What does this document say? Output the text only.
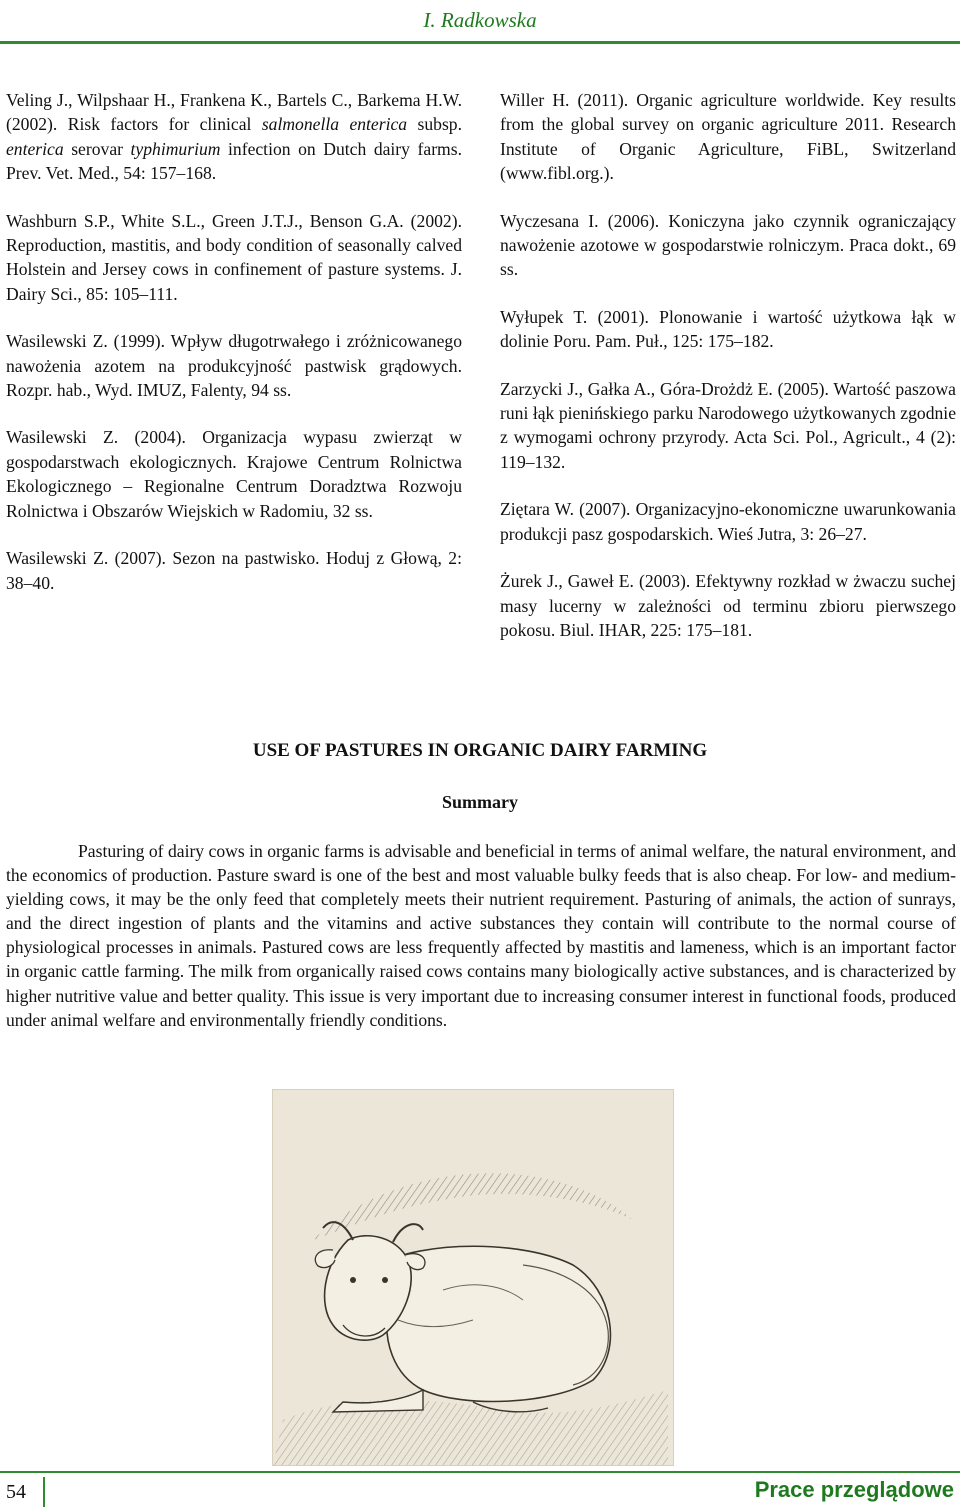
I. Radkowska

Veling J., Wilpshaar H., Frankena K., Bartels C., Barkema H.W. (2002). Risk factors for clinical salmonella enterica subsp. enterica serovar typhimurium infection on Dutch dairy farms. Prev. Vet. Med., 54: 157–168.

Washburn S.P., White S.L., Green J.T.J., Benson G.A. (2002). Reproduction, mastitis, and body condition of seasonally calved Holstein and Jersey cows in confinement of pasture systems. J. Dairy Sci., 85: 105–111.

Wasilewski Z. (1999). Wpływ długotrwałego i zróżnicowanego nawożenia azotem na produkcyjność pastwisk grądowych. Rozpr. hab., Wyd. IMUZ, Falenty, 94 ss.

Wasilewski Z. (2004). Organizacja wypasu zwierząt w gospodarstwach ekologicznych. Krajowe Centrum Rolnictwa Ekologicznego – Regionalne Centrum Doradztwa Rozwoju Rolnictwa i Obszarów Wiejskich w Radomiu, 32 ss.

Wasilewski Z. (2007). Sezon na pastwisko. Hoduj z Głową, 2: 38–40.

Willer H. (2011). Organic agriculture worldwide. Key results from the global survey on organic agriculture 2011. Research Institute of Organic Agriculture, FiBL, Switzerland (www.fibl.org.).

Wyczesana I. (2006). Koniczyna jako czynnik ograniczający nawożenie azotowe w gospodarstwie rolniczym. Praca dokt., 69 ss.

Wyłupek T. (2001). Plonowanie i wartość użytkowa łąk w dolinie Poru. Pam. Puł., 125: 175–182.

Zarzycki J., Gałka A., Góra-Drożdż E. (2005). Wartość paszowa runi łąk pienińskiego parku Narodowego użytkowanych zgodnie z wymogami ochrony przyrody. Acta Sci. Pol., Agricult., 4 (2): 119–132.

Ziętara W. (2007). Organizacyjno-ekonomiczne uwarunkowania produkcji pasz gospodarskich. Wieś Jutra, 3: 26–27.

Żurek J., Gaweł E. (2003). Efektywny rozkład w żwaczu suchej masy lucerny w zależności od terminu zbioru pierwszego pokosu. Biul. IHAR, 225: 175–181.

USE OF PASTURES IN ORGANIC DAIRY FARMING
Summary

Pasturing of dairy cows in organic farms is advisable and beneficial in terms of animal welfare, the natural environment, and the economics of production. Pasture sward is one of the best and most valuable bulky feeds that is also cheap. For low- and medium-yielding cows, it may be the only feed that completely meets their nutrient requirement. Pasturing of animals, the action of sunrays, and the direct ingestion of plants and the vitamins and active substances they contain will contribute to the normal course of physiological processes in animals. Pastured cows are less frequently affected by mastitis and lameness, which is an important factor in organic cattle farming. The milk from organically raised cows contains many biologically active substances, and is characterized by higher nutritive value and better quality. This issue is very important due to increasing consumer interest in functional foods, produced under animal welfare and environmentally friendly conditions.

54	Prace przeglądowe
